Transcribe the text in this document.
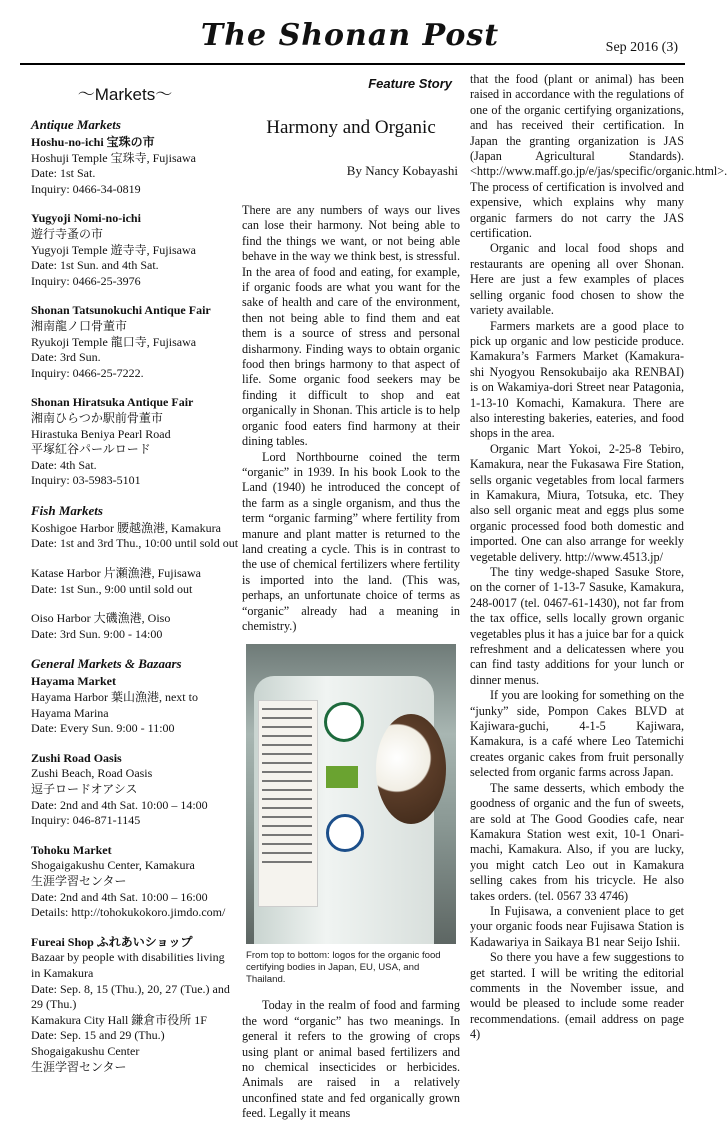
The Shonan Post	Sep 2016 (3)
～Markets～
Antique Markets
Hoshu-no-ichi 宝珠の市
Hoshuji Temple 宝珠寺, Fujisawa
Date: 1st Sat.
Inquiry: 0466-34-0819
Yugyoji Nomi-no-ichi
遊行寺蚤の市
Yugyoji Temple 遊寺寺, Fujisawa
Date: 1st Sun. and 4th Sat.
Inquiry: 0466-25-3976
Shonan Tatsunokuchi Antique Fair
湘南龍ノ口骨董市
Ryukoji Temple 龍口寺, Fujisawa
Date: 3rd Sun.
Inquiry: 0466-25-7222.
Shonan Hiratsuka Antique Fair
湘南ひらつか駅前骨董市
Hirastuka Beniya Pearl Road
平塚紅谷パールロード
Date: 4th Sat.
Inquiry: 03-5983-5101
Fish Markets
Koshigoe Harbor 腰越漁港, Kamakura
Date: 1st and 3rd Thu., 10:00 until sold out
Katase Harbor 片瀬漁港, Fujisawa
Date: 1st Sun., 9:00 until sold out
Oiso Harbor 大磯漁港, Oiso
Date: 3rd Sun. 9:00 - 14:00
General Markets & Bazaars
Hayama Market
Hayama Harbor 葉山漁港, next to
Hayama Marina
Date: Every Sun. 9:00 - 11:00
Zushi Road Oasis
Zushi Beach, Road Oasis
逗子ロードオアシス
Date: 2nd and 4th Sat. 10:00 – 14:00
Inquiry: 046-871-1145
Tohoku Market
Shogaigakushu Center, Kamakura
生涯学習センター
Date: 2nd and 4th Sat. 10:00 – 16:00
Details: http://tohokukokoro.jimdo.com/
Fureai Shop ふれあいショップ
Bazaar by people with disabilities living
in Kamakura
Date: Sep. 8, 15 (Thu.), 20, 27 (Tue.) and
29 (Thu.)
Kamakura City Hall 鎌倉市役所 1F
Date: Sep. 15 and 29 (Thu.)
Shogaigakushu Center
生涯学習センター
Feature Story
Harmony and Organic
By Nancy Kobayashi

There are any numbers of ways our lives can lose their harmony. Not being able to find the things we want, or not being able behave in the way we think best, is stressful. In the area of food and eating, for example, if organic foods are what you want for the sake of health and care of the environment, then not being able to find them and eat them is a source of stress and personal disharmony. Finding ways to obtain organic food then brings harmony to that aspect of life. Some organic food seekers may be finding it difficult to shop and eat organically in Shonan. This article is to help organic food eaters find harmony at their dining tables.

Lord Northbourne coined the term “organic” in 1939. In his book Look to the Land (1940) he introduced the concept of the farm as a single organism, and thus the term “organic farming” where fertility from manure and plant matter is returned to the land creating a cycle. This is in contrast to the use of chemical fertilizers where fertility is imported into the land. (This was, perhaps, an unfortunate choice of terms as “organic” already had a meaning in chemistry.)

From top to bottom: logos for the organic food certifying bodies in Japan, EU, USA, and Thailand.

Today in the realm of food and farming the word “organic” has two meanings. In general it refers to the growing of crops using plant or animal based fertilizers and no chemical insecticides or herbicides. Animals are raised in a relatively unconfined state and fed organically grown feed. Legally it means

that the food (plant or animal) has been raised in accordance with the regulations of one of the organic certifying organizations, and has received their certification. In Japan the granting organization is JAS (Japan Agricultural Standards). <http://www.maff.go.jp/e/jas/specific/organic.html>. The process of certification is involved and expensive, which explains why many organic farmers do not carry the JAS certification.

Organic and local food shops and restaurants are opening all over Shonan. Here are just a few examples of places selling organic food chosen to show the variety available.

Farmers markets are a good place to pick up organic and low pesticide produce. Kamakura’s Farmers Market (Kamakura-shi Nyogyou Rensokubaijo aka RENBAI) is on Wakamiya-dori Street near Patagonia, 1-13-10 Komachi, Kamakura. There are also interesting bakeries, eateries, and food shops in the area.

Organic Mart Yokoi, 2-25-8 Tebiro, Kamakura, near the Fukasawa Fire Station, sells organic vegetables from local farmers in Kamakura, Miura, Totsuka, etc. They also sell organic meat and eggs plus some organic processed food both domestic and imported. One can also arrange for weekly vegetable delivery. http://www.4513.jp/

The tiny wedge-shaped Sasuke Store, on the corner of 1-13-7 Sasuke, Kamakura, 248-0017 (tel. 0467-61-1430), not far from the tax office, sells locally grown organic vegetables plus it has a juice bar for a quick refreshment and a delicatessen where you can find tasty additions for your lunch or dinner menus.

If you are looking for something on the “junky” side, Pompon Cakes BLVD at Kajiwara-guchi, 4-1-5 Kajiwara, Kamakura, is a café where Leo Tatemichi creates organic cakes from fruit personally selected from organic farms across Japan.

The same desserts, which embody the goodness of organic and the fun of sweets, are sold at The Good Goodies cafe, near Kamakura Station west exit, 10-1 Onari-machi, Kamakura. Also, if you are lucky, you might catch Leo out in Kamakura selling cakes from his tricycle. He also takes orders. (tel. 0567 33 4746)

In Fujisawa, a convenient place to get your organic foods near Fujisawa Station is Kadawariya in Saikaya B1 near Seijo Ishii.

So there you have a few suggestions to get started. I will be writing the editorial comments in the November issue, and would be pleased to include some reader recommendations. (email address on page 4)
